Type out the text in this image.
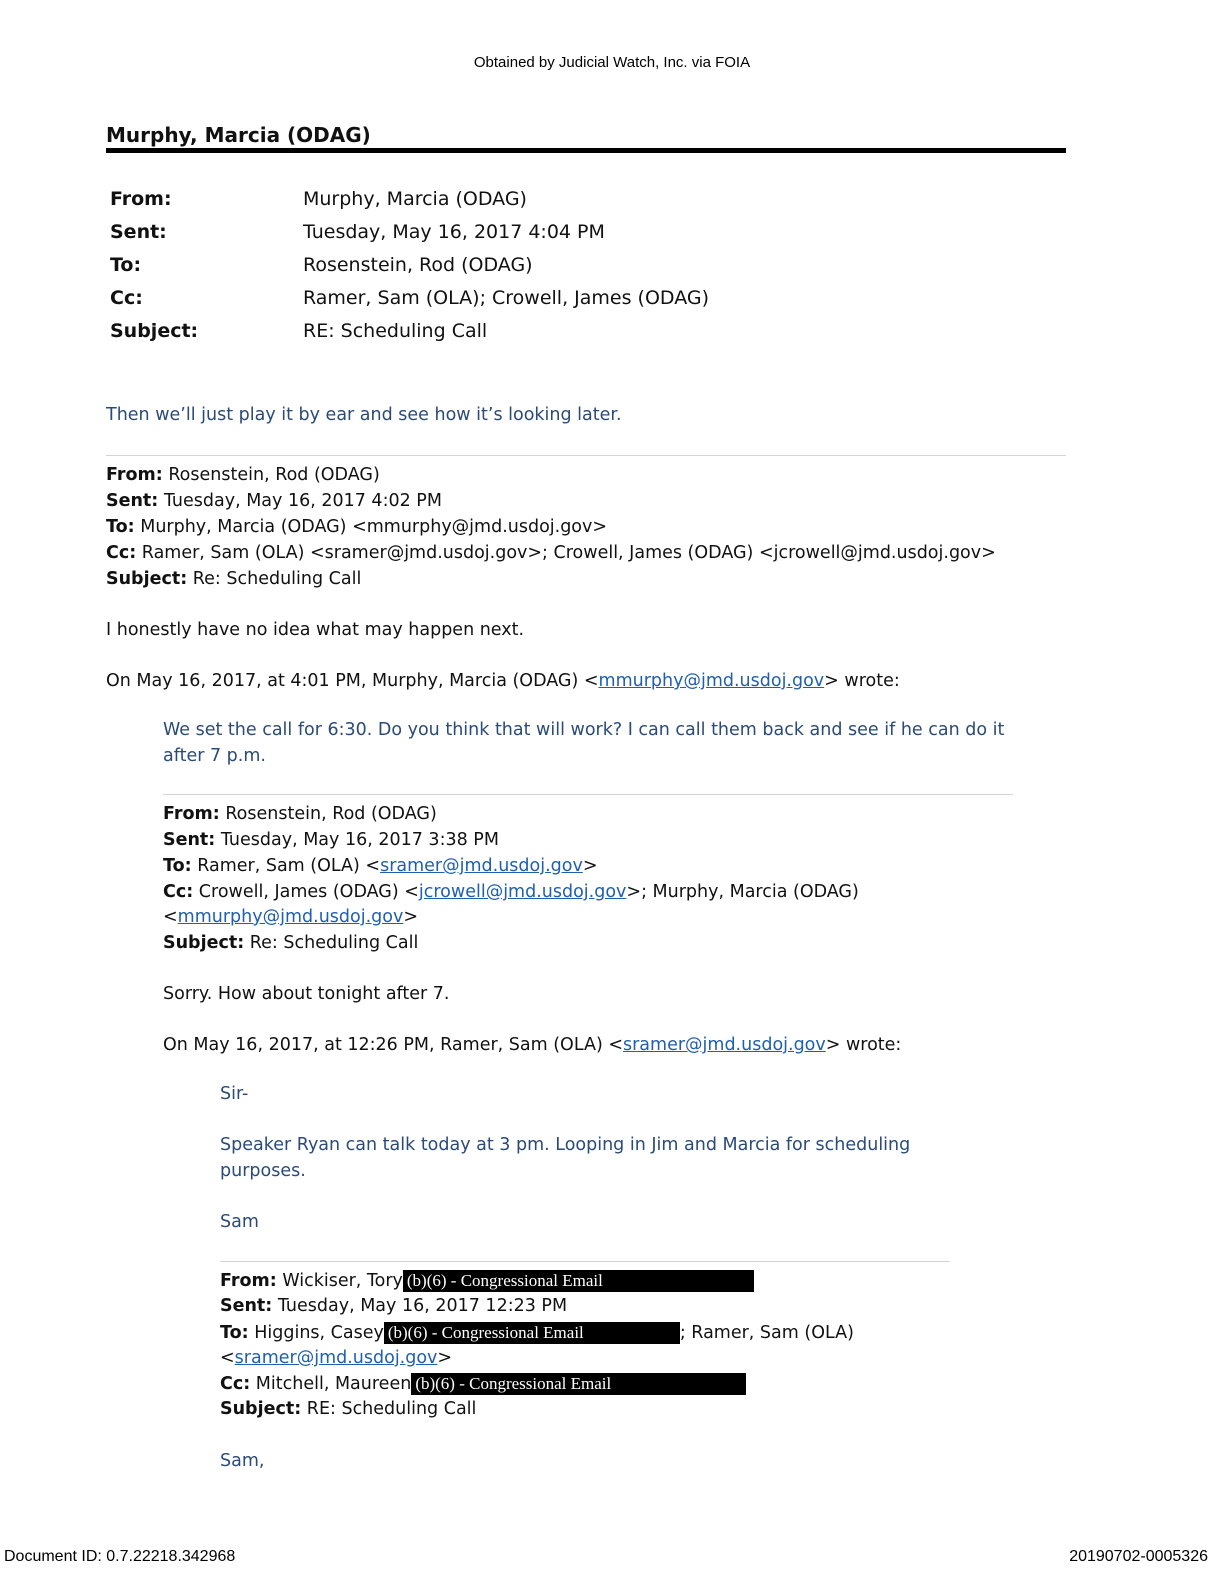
Obtained by Judicial Watch, Inc. via FOIA
Murphy, Marcia (ODAG)
From:	Murphy, Marcia (ODAG)
Sent:	Tuesday, May 16, 2017 4:04 PM
To:	Rosenstein, Rod (ODAG)
Cc:	Ramer, Sam (OLA); Crowell, James (ODAG)
Subject:	RE: Scheduling Call
Then we’ll just play it by ear and see how it’s looking later.
From: Rosenstein, Rod (ODAG)
Sent: Tuesday, May 16, 2017 4:02 PM
To: Murphy, Marcia (ODAG) <mmurphy@jmd.usdoj.gov>
Cc: Ramer, Sam (OLA) <sramer@jmd.usdoj.gov>; Crowell, James (ODAG) <jcrowell@jmd.usdoj.gov>
Subject: Re: Scheduling Call
I honestly have no idea what may happen next.
On May 16, 2017, at 4:01 PM, Murphy, Marcia (ODAG) <mmurphy@jmd.usdoj.gov> wrote:
We set the call for 6:30. Do you think that will work? I can call them back and see if he can do it
after 7 p.m.
From: Rosenstein, Rod (ODAG)
Sent: Tuesday, May 16, 2017 3:38 PM
To: Ramer, Sam (OLA) <sramer@jmd.usdoj.gov>
Cc: Crowell, James (ODAG) <jcrowell@jmd.usdoj.gov>; Murphy, Marcia (ODAG)
<mmurphy@jmd.usdoj.gov>
Subject: Re: Scheduling Call
Sorry. How about tonight after 7.
On May 16, 2017, at 12:26 PM, Ramer, Sam (OLA) <sramer@jmd.usdoj.gov> wrote:
Sir-
Speaker Ryan can talk today at 3 pm. Looping in Jim and Marcia for scheduling
purposes.
Sam
From: Wickiser, Tory (b)(6) - Congressional Email
Sent: Tuesday, May 16, 2017 12:23 PM
To: Higgins, Casey (b)(6) - Congressional Email	; Ramer, Sam (OLA)
<sramer@jmd.usdoj.gov>
Cc: Mitchell, Maureen (b)(6) - Congressional Email
Subject: RE: Scheduling Call
Sam,
Document ID: 0.7.22218.342968	20190702-0005326
